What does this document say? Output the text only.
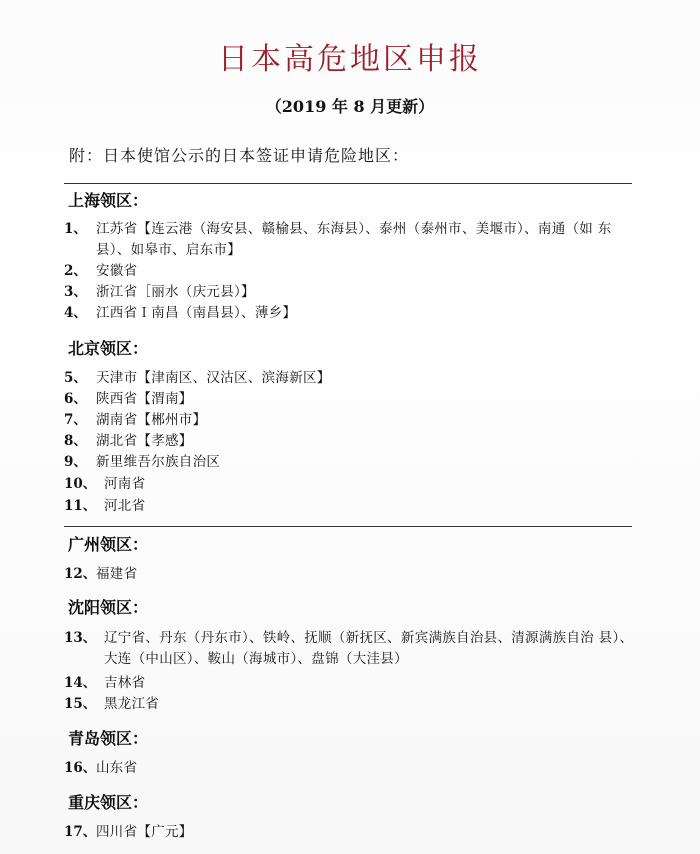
日本高危地区申报
（2019 年 8 月更新）
附：日本使馆公示的日本签证申请危险地区：
上海领区：
1、 江苏省【连云港（海安县、赣榆县、东海县）、泰州（泰州市、美堰市）、南通（如 东县）、如皋市、启东市】
2、 安徽省
3、 浙江省［丽水（庆元县）】
4、 江西省Ｉ南昌（南昌县）、薄乡】
北京领区：
5、 天津市【津南区、汉沽区、滨海新区】
6、 陕西省【渭南】
7、 湖南省【郴州市】
8、 湖北省【孝感】
9、 新里维吾尔族自治区
10、 河南省
11、 河北省
广州领区：
12、 福建省
沈阳领区：
13、 辽宁省、丹东（丹东市）、铁岭、抚顺（新抚区、新宾满族自治县、清源满族自治 县）、大连（中山区）、鞍山（海城市）、盘锦（大洼县）
14、 吉林省
15、 黑龙江省
青岛领区：
16、 山东省
重庆领区：
17、 四川省【广元】
